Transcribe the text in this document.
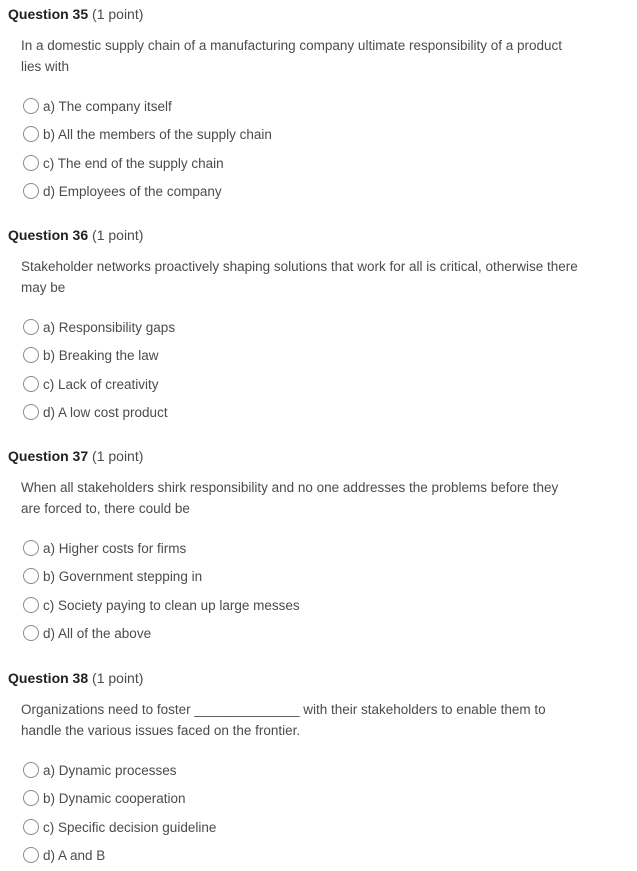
Question 35 (1 point)
In a domestic supply chain of a manufacturing company ultimate responsibility of a product lies with
a) The company itself
b) All the members of the supply chain
c) The end of the supply chain
d) Employees of the company
Question 36 (1 point)
Stakeholder networks proactively shaping solutions that work for all is critical, otherwise there may be
a) Responsibility gaps
b) Breaking the law
c) Lack of creativity
d) A low cost product
Question 37 (1 point)
When all stakeholders shirk responsibility and no one addresses the problems before they are forced to, there could be
a) Higher costs for firms
b) Government stepping in
c) Society paying to clean up large messes
d) All of the above
Question 38 (1 point)
Organizations need to foster ______________ with their stakeholders to enable them to handle the various issues faced on the frontier.
a) Dynamic processes
b) Dynamic cooperation
c) Specific decision guideline
d) A and B
